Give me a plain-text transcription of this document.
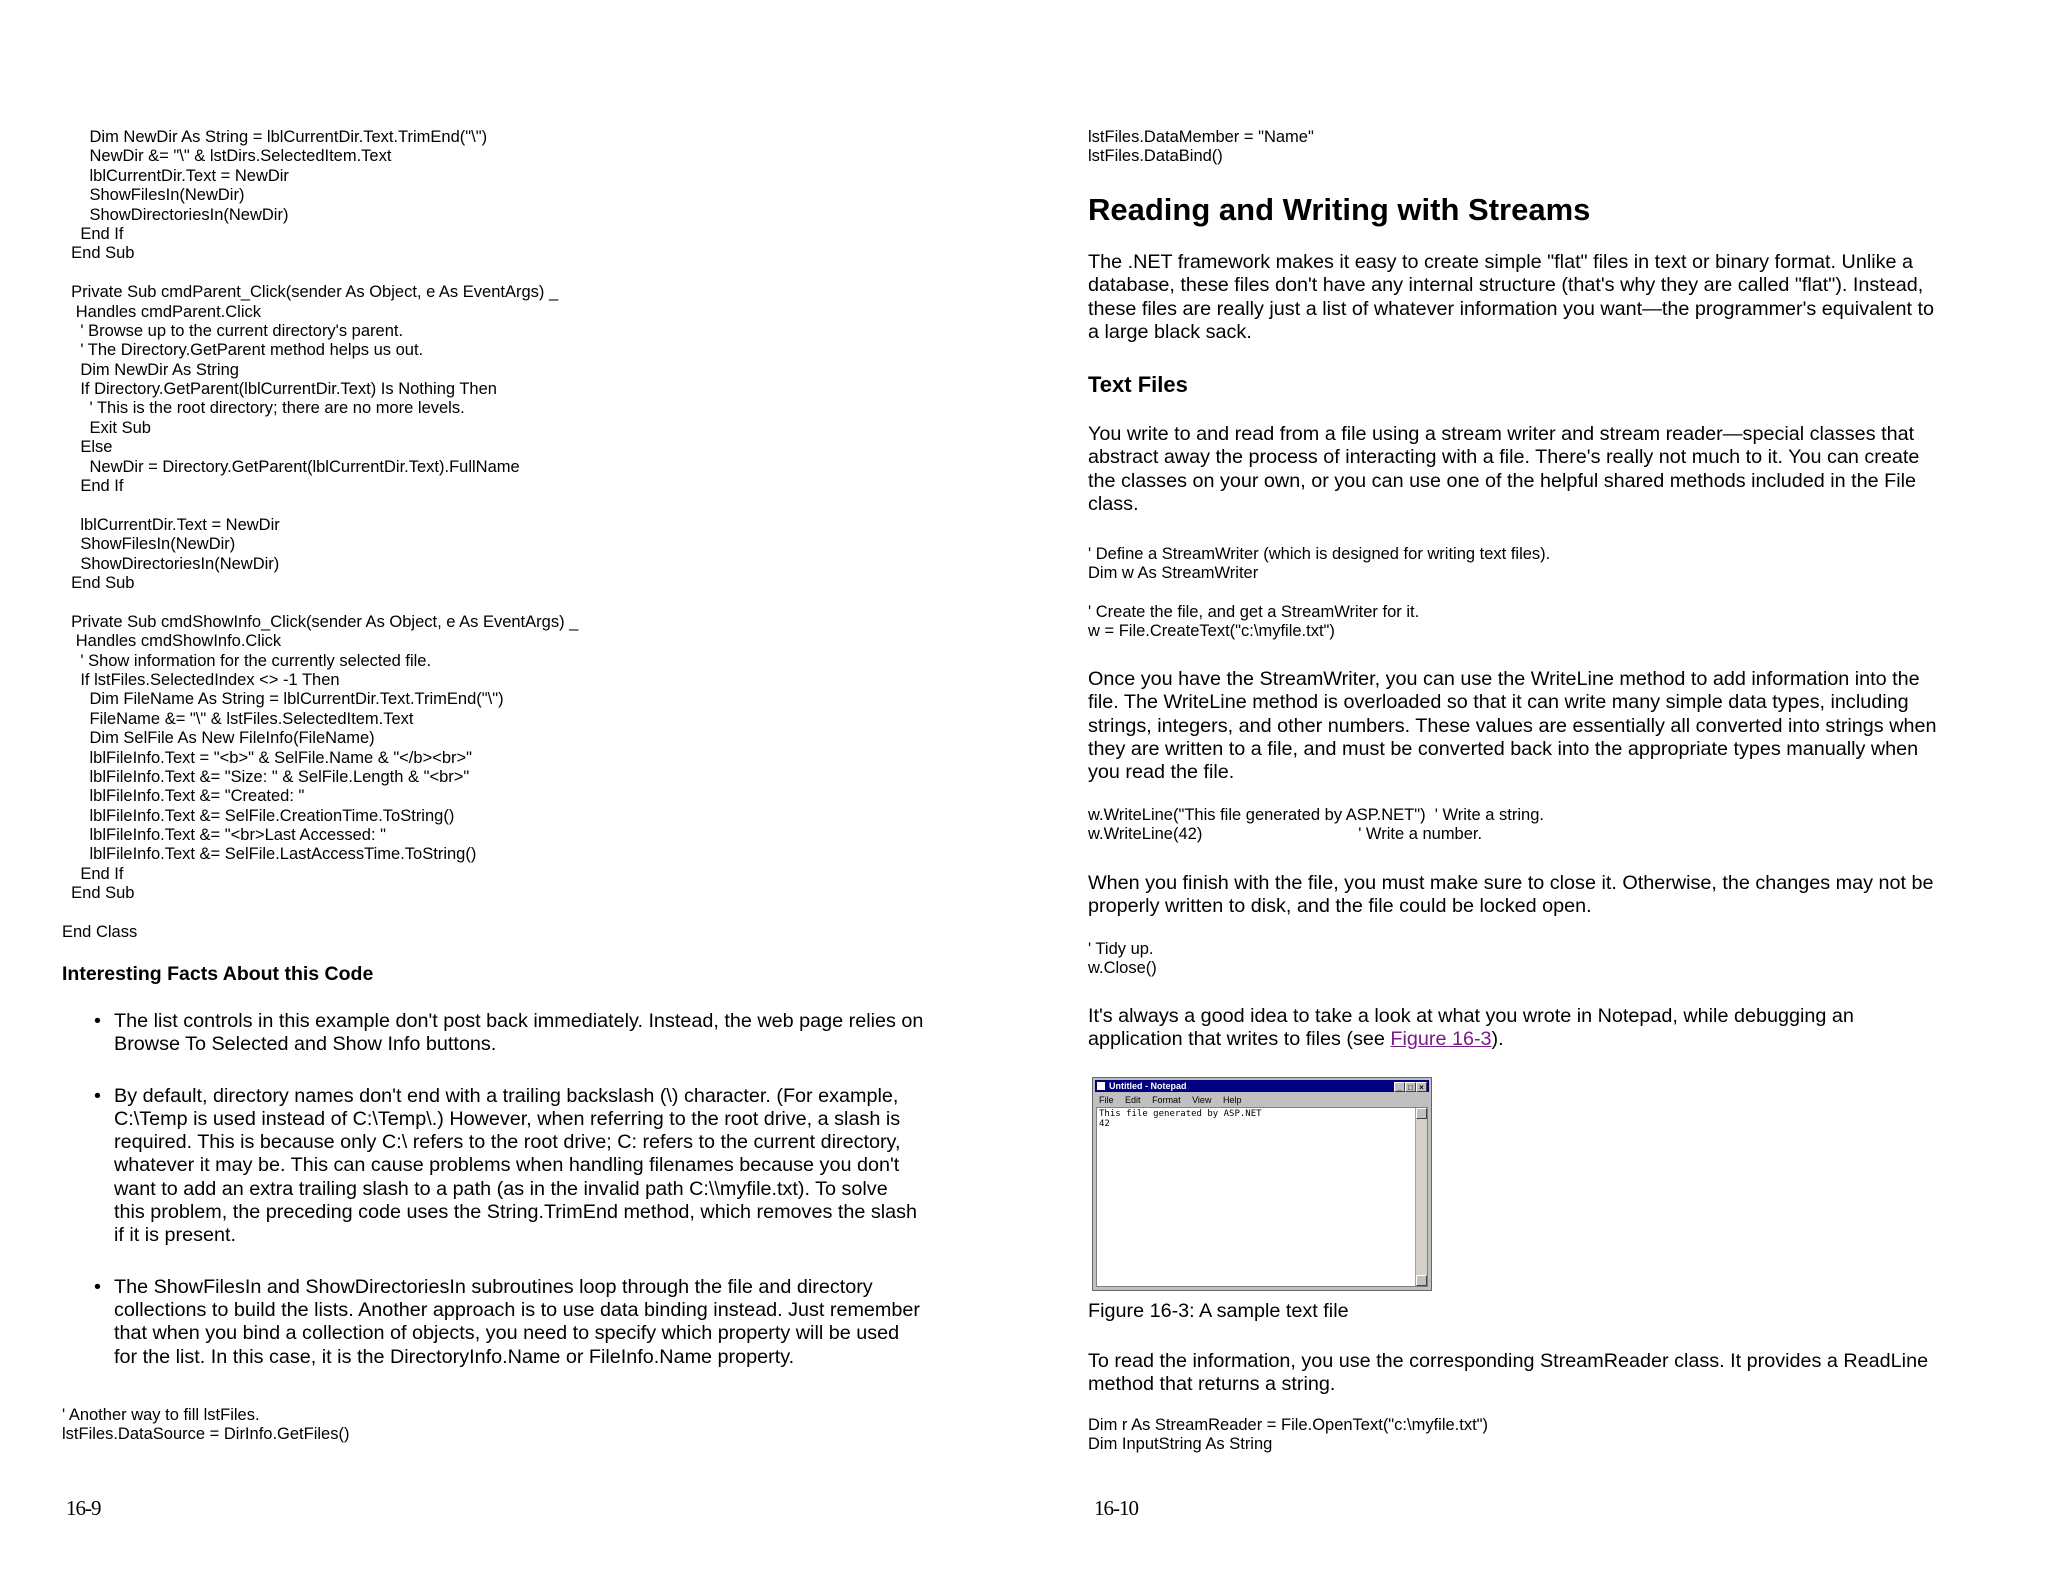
Dim NewDir As String = lblCurrentDir.Text.TrimEnd("\")
NewDir &= "\" & lstDirs.SelectedItem.Text
lblCurrentDir.Text = NewDir
ShowFilesIn(NewDir)
ShowDirectoriesIn(NewDir)
End If
End Sub
Private Sub cmdParent_Click(sender As Object, e As EventArgs) _
Handles cmdParent.Click
' Browse up to the current directory's parent.
' The Directory.GetParent method helps us out.
Dim NewDir As String
If Directory.GetParent(lblCurrentDir.Text) Is Nothing Then
' This is the root directory; there are no more levels.
Exit Sub
Else
NewDir = Directory.GetParent(lblCurrentDir.Text).FullName
End If
lblCurrentDir.Text = NewDir
ShowFilesIn(NewDir)
ShowDirectoriesIn(NewDir)
End Sub
Private Sub cmdShowInfo_Click(sender As Object, e As EventArgs) _
Handles cmdShowInfo.Click
' Show information for the currently selected file.
If lstFiles.SelectedIndex <> -1 Then
Dim FileName As String = lblCurrentDir.Text.TrimEnd("\")
FileName &= "\" & lstFiles.SelectedItem.Text
Dim SelFile As New FileInfo(FileName)
lblFileInfo.Text = "<b>" & SelFile.Name & "</b><br>"
lblFileInfo.Text &= "Size: " & SelFile.Length & "<br>"
lblFileInfo.Text &= "Created: "
lblFileInfo.Text &= SelFile.CreationTime.ToString()
lblFileInfo.Text &= "<br>Last Accessed: "
lblFileInfo.Text &= SelFile.LastAccessTime.ToString()
End If
End Sub
End Class
Interesting Facts About this Code
• The list controls in this example don't post back immediately. Instead, the web page relies on
Browse To Selected and Show Info buttons.
• By default, directory names don't end with a trailing backslash (\) character. (For example,
C:\Temp is used instead of C:\Temp\.) However, when referring to the root drive, a slash is
required. This is because only C:\ refers to the root drive; C: refers to the current directory,
whatever it may be. This can cause problems when handling filenames because you don't
want to add an extra trailing slash to a path (as in the invalid path C:\\myfile.txt). To solve
this problem, the preceding code uses the String.TrimEnd method, which removes the slash
if it is present.
• The ShowFilesIn and ShowDirectoriesIn subroutines loop through the file and directory
collections to build the lists. Another approach is to use data binding instead. Just remember
that when you bind a collection of objects, you need to specify which property will be used
for the list. In this case, it is the DirectoryInfo.Name or FileInfo.Name property.
' Another way to fill lstFiles.
lstFiles.DataSource = DirInfo.GetFiles()
16-9
lstFiles.DataMember = "Name"
lstFiles.DataBind()
Reading and Writing with Streams
The .NET framework makes it easy to create simple "flat" files in text or binary format. Unlike a
database, these files don't have any internal structure (that's why they are called "flat"). Instead,
these files are really just a list of whatever information you want—the programmer's equivalent to
a large black sack.
Text Files
You write to and read from a file using a stream writer and stream reader—special classes that
abstract away the process of interacting with a file. There's really not much to it. You can create
the classes on your own, or you can use one of the helpful shared methods included in the File
class.
' Define a StreamWriter (which is designed for writing text files).
Dim w As StreamWriter
' Create the file, and get a StreamWriter for it.
w = File.CreateText("c:\myfile.txt")
Once you have the StreamWriter, you can use the WriteLine method to add information into the
file. The WriteLine method is overloaded so that it can write many simple data types, including
strings, integers, and other numbers. These values are essentially all converted into strings when
they are written to a file, and must be converted back into the appropriate types manually when
you read the file.
w.WriteLine("This file generated by ASP.NET")  ' Write a string.
w.WriteLine(42)                                  ' Write a number.
When you finish with the file, you must make sure to close it. Otherwise, the changes may not be
properly written to disk, and the file could be locked open.
' Tidy up.
w.Close()
It's always a good idea to take a look at what you wrote in Notepad, while debugging an
application that writes to files (see Figure 16-3).
Untitled - Notepad	_ □ ×
File Edit Format View Help
This file generated by ASP.NET
42
Figure 16-3: A sample text file
To read the information, you use the corresponding StreamReader class. It provides a ReadLine
method that returns a string.
Dim r As StreamReader = File.OpenText("c:\myfile.txt")
Dim InputString As String
16-10
